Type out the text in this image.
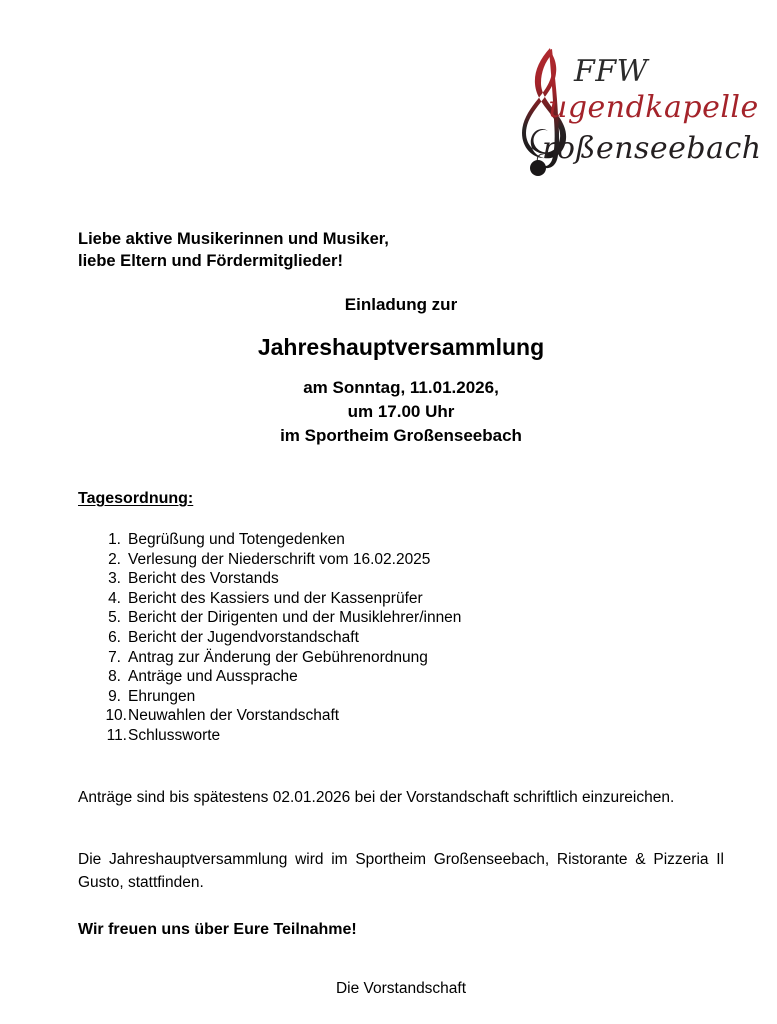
FFW
ugendkapelle
roßenseebach
Liebe aktive Musikerinnen und Musiker,
liebe Eltern und Fördermitglieder!
Einladung zur
Jahreshauptversammlung
am Sonntag, 11.01.2026,
um 17.00 Uhr
im Sportheim Großenseebach
Tagesordnung:
1. Begrüßung und Totengedenken
2. Verlesung der Niederschrift vom 16.02.2025
3. Bericht des Vorstands
4. Bericht des Kassiers und der Kassenprüfer
5. Bericht der Dirigenten und der Musiklehrer/innen
6. Bericht der Jugendvorstandschaft
7. Antrag zur Änderung der Gebührenordnung
8. Anträge und Aussprache
9. Ehrungen
10. Neuwahlen der Vorstandschaft
11. Schlussworte
Anträge sind bis spätestens 02.01.2026 bei der Vorstandschaft schriftlich einzureichen.
Die Jahreshauptversammlung wird im Sportheim Großenseebach, Ristorante & Pizzeria Il Gusto, stattfinden.
Wir freuen uns über Eure Teilnahme!
Die Vorstandschaft
